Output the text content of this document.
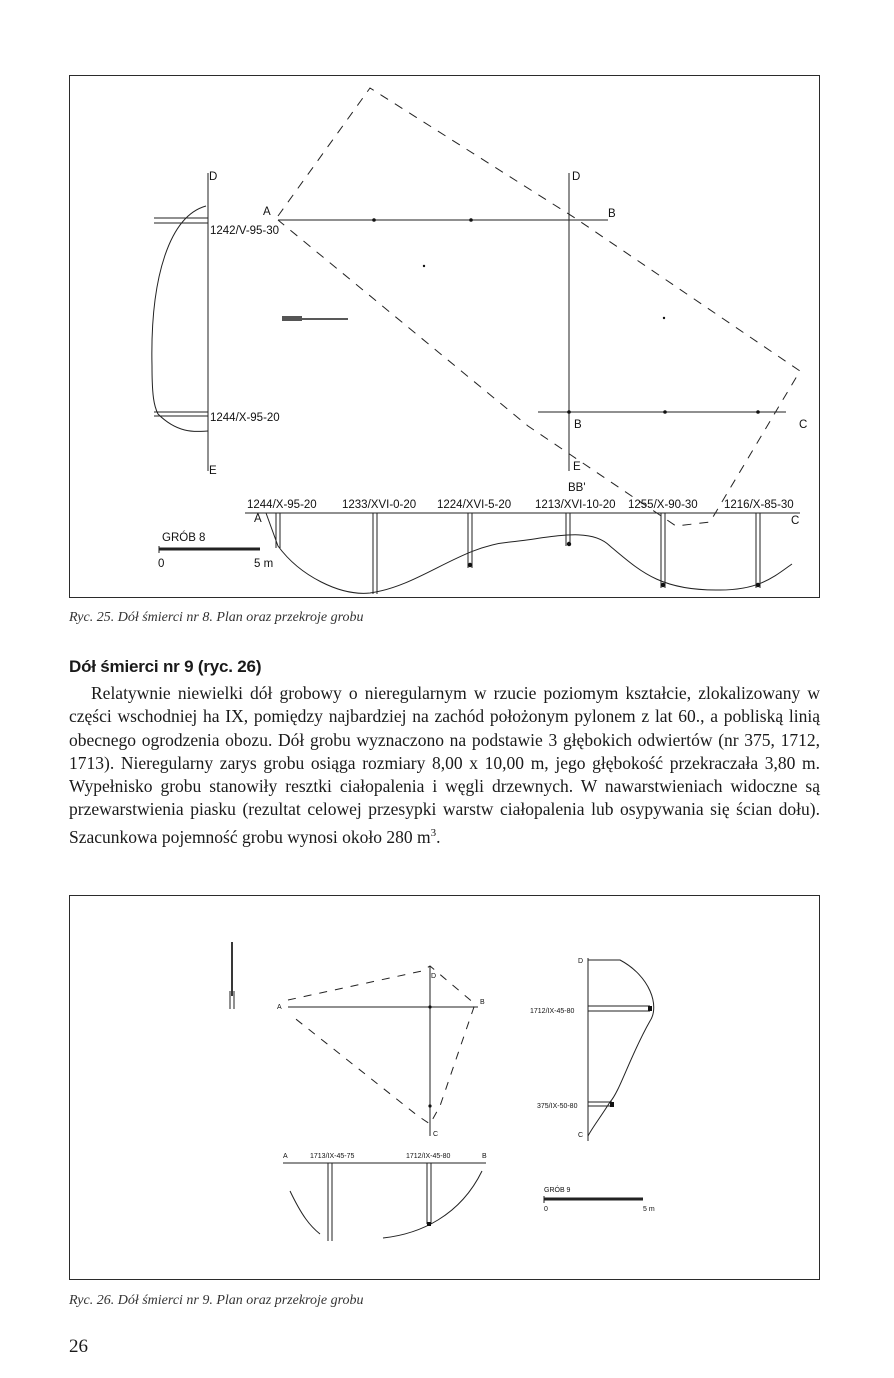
D
E
D
E
A	B
B	C
BB'
1242/V-95-30
1244/X-95-20
1244/X-95-20 1233/XVI-0-20 1224/XVI-5-20 1213/XVI-10-20 1255/X-90-30 1216/X-85-30
A	C
GRÓB 8
0	5 m
Ryc. 25. Dół śmierci nr 8. Plan oraz przekroje grobu
Dół śmierci nr 9 (ryc. 26)
Relatywnie niewielki dół grobowy o nieregularnym w rzucie poziomym kształcie, zlokalizowany w części wschodniej ha IX, pomiędzy najbardziej na zachód położonym pylonem z lat 60., a pobliską linią obecnego ogrodzenia obozu. Dół grobu wyznaczono na podstawie 3 głębokich odwiertów (nr 375, 1712, 1713). Nieregularny zarys grobu osiąga rozmiary 8,00 x 10,00 m, jego głębokość przekraczała 3,80 m. Wypełnisko grobu stanowiły resztki ciałopalenia i węgli drzewnych. W nawarstwieniach widoczne są przewarstwienia piasku (rezultat celowej przesypki warstw ciałopalenia lub osypywania się ścian dołu). Szacunkowa pojemność grobu wynosi około 280 $m^3$.
A
B
C
D
D
C
1712/IX-45-80
375/IX-50-80
A	B
1713/IX-45-75	1712/IX-45-80
GRÓB 9
0	5 m
Ryc. 26. Dół śmierci nr 9. Plan oraz przekroje grobu
26
